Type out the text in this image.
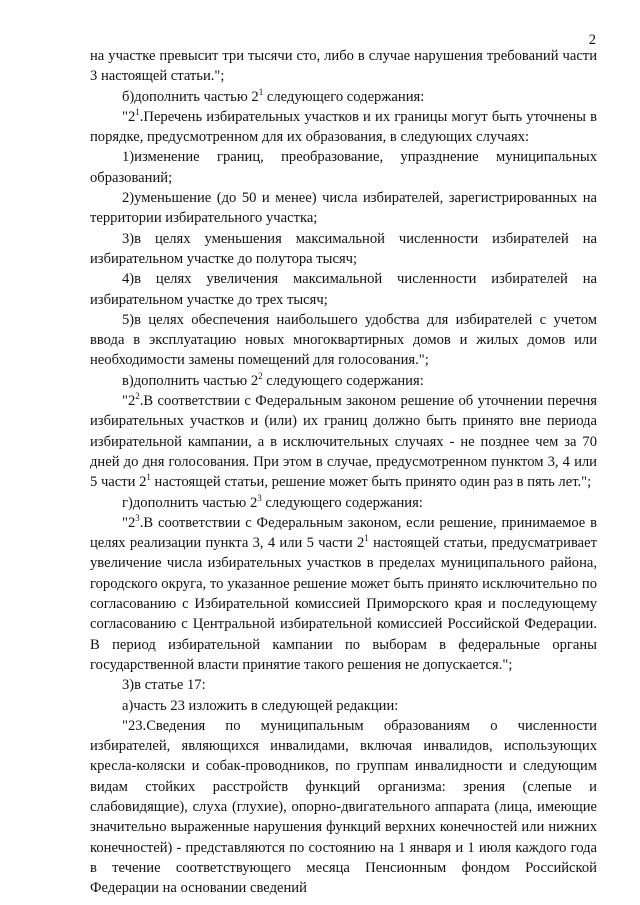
2

на участке превысит три тысячи сто, либо в случае нарушения требований части 3 настоящей статьи.";

б)дополнить частью $2^1$ следующего содержания:

"$2^1.Перечень$ избирательных участков и их границы могут быть уточнены в порядке, предусмотренном для их образования, в следующих случаях:

1)изменение границ, преобразование, упразднение муниципальных образований;

2)уменьшение (до 50 и менее) числа избирателей, зарегистрированных на территории избирательного участка;

3)в целях уменьшения максимальной численности избирателей на избирательном участке до полутора тысяч;

4)в целях увеличения максимальной численности избирателей на избирательном участке до трех тысяч;

5)в целях обеспечения наибольшего удобства для избирателей с учетом ввода в эксплуатацию новых многоквартирных домов и жилых домов или необходимости замены помещений для голосования.";

в)дополнить частью $2^2$ следующего содержания:

"$2^2.В$ соответствии с Федеральным законом решение об уточнении перечня избирательных участков и (или) их границ должно быть принято вне периода избирательной кампании, а в исключительных случаях - не позднее чем за 70 дней до дня голосования. При этом в случае, предусмотренном пунктом 3, 4 или 5 части $2^1$ настоящей статьи, решение может быть принято один раз в пять лет.";

г)дополнить частью $2^3$ следующего содержания:

"$2^3.В$ соответствии с Федеральным законом, если решение, принимаемое в целях реализации пункта 3, 4 или 5 части $2^1$ настоящей статьи, предусматривает увеличение числа избирательных участков в пределах муниципального района, городского округа, то указанное решение может быть принято исключительно по согласованию с Избирательной комиссией Приморского края и последующему согласованию с Центральной избирательной комиссией Российской Федерации. В период избирательной кампании по выборам в федеральные органы государственной власти принятие такого решения не допускается.";

3)в статье 17:

а)часть 23 изложить в следующей редакции:

"23.Сведения по муниципальным образованиям о численности избирателей, являющихся инвалидами, включая инвалидов, использующих кресла-коляски и собак-проводников, по группам инвалидности и следующим видам стойких расстройств функций организма: зрения (слепые и слабовидящие), слуха (глухие), опорно-двигательного аппарата (лица, имеющие значительно выраженные нарушения функций верхних конечностей или нижних конечностей) - представляются по состоянию на 1 января и 1 июля каждого года в течение соответствующего месяца Пенсионным фондом Российской Федерации на основании сведений
